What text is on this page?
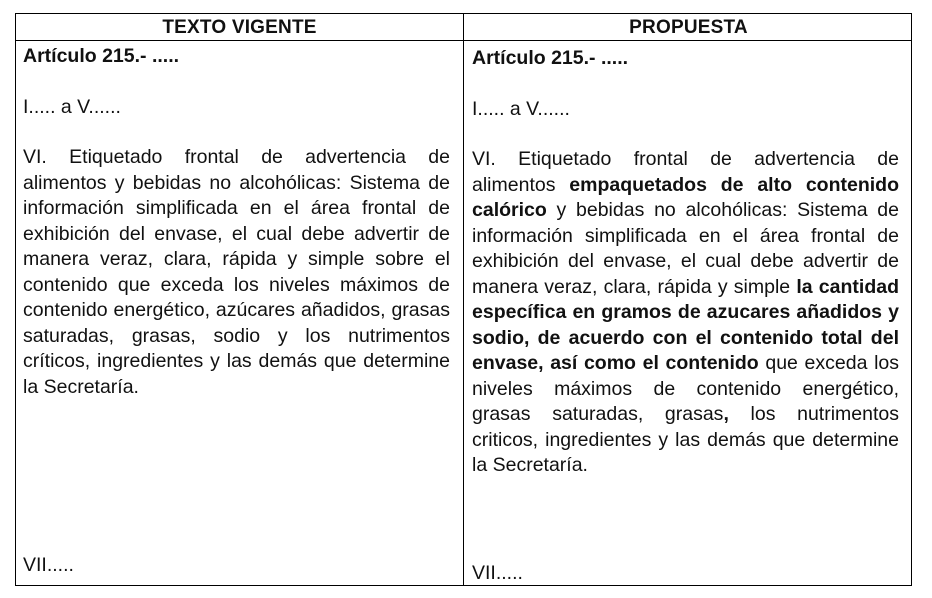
TEXTO VIGENTE	PROPUESTA

Artículo 215.- .....

I..... a V......

VI. Etiquetado frontal de advertencia de alimentos y bebidas no alcohólicas: Sistema de información simplificada en el área frontal de exhibición del envase, el cual debe advertir de manera veraz, clara, rápida y simple sobre el contenido que exceda los niveles máximos de contenido energético, azúcares añadidos, grasas saturadas, grasas, sodio y los nutrimentos críticos, ingredientes y las demás que determine la Secretaría.

VII.....

Artículo 215.- .....

I..... a V......

VI. Etiquetado frontal de advertencia de alimentos empaquetados de alto contenido calórico y bebidas no alcohólicas: Sistema de información simplificada en el área frontal de exhibición del envase, el cual debe advertir de manera veraz, clara, rápida y simple la cantidad específica en gramos de azucares añadidos y sodio, de acuerdo con el contenido total del envase, así como el contenido que exceda los niveles máximos de contenido energético, grasas saturadas, grasas, los nutrimentos criticos, ingredientes y las demás que determine la Secretaría.

VII.....
